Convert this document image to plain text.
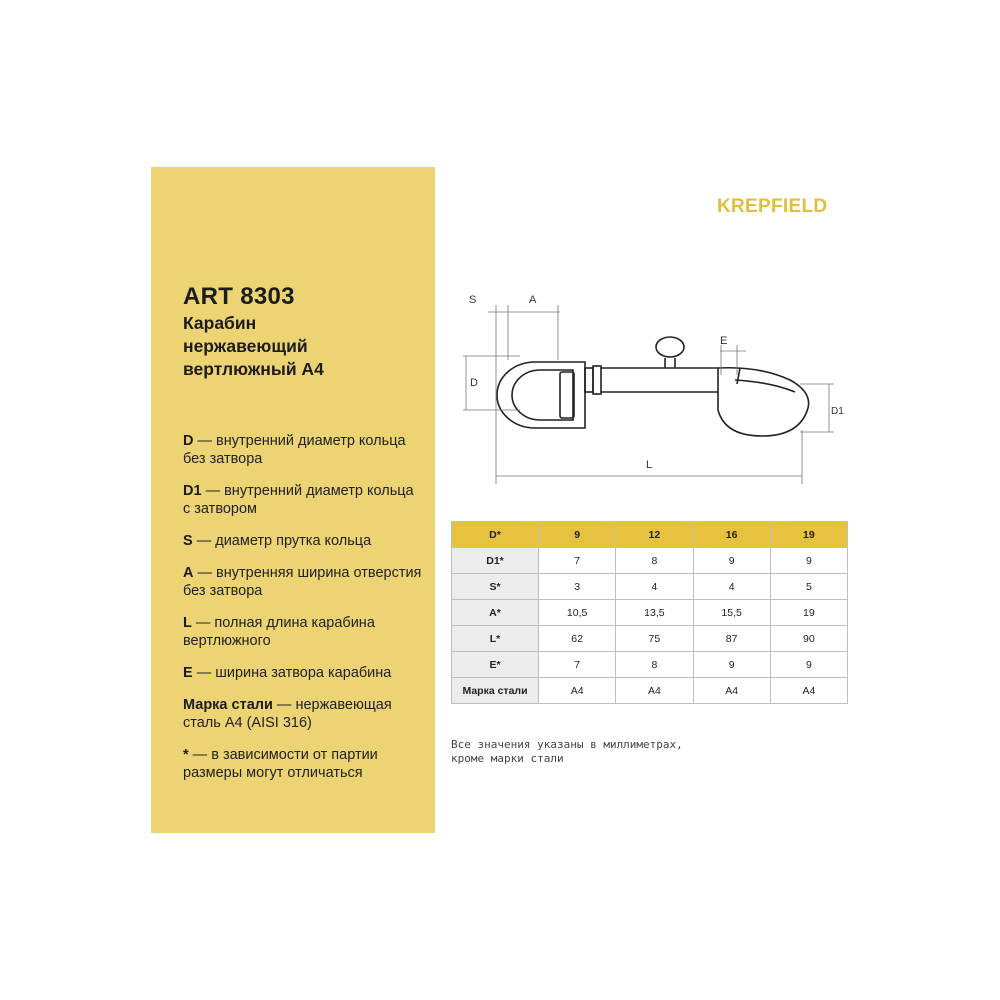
ART 8303
Карабин
нержавеющий
вертлюжный А4
D — внутренний диаметр кольца без затвора
D1 — внутренний диаметр кольца с затвором
S — диаметр прутка кольца
A — внутренняя ширина отверстия без затвора
L — полная длина карабина вертлюжного
E — ширина затвора карабина
Марка стали — нержавеющая сталь А4 (AISI 316)
* — в зависимости от партии размеры могут отличаться
KREPFIELD
S	A
D
E
D1
L
D*	9	12	16	19
D1*	7	8	9	9
S*	3	4	4	5
A*	10,5	13,5	15,5	19
L*	62	75	87	90
E*	7	8	9	9
Марка стали	A4	A4	A4	A4
Все значения указаны в миллиметрах,
кроме марки стали
